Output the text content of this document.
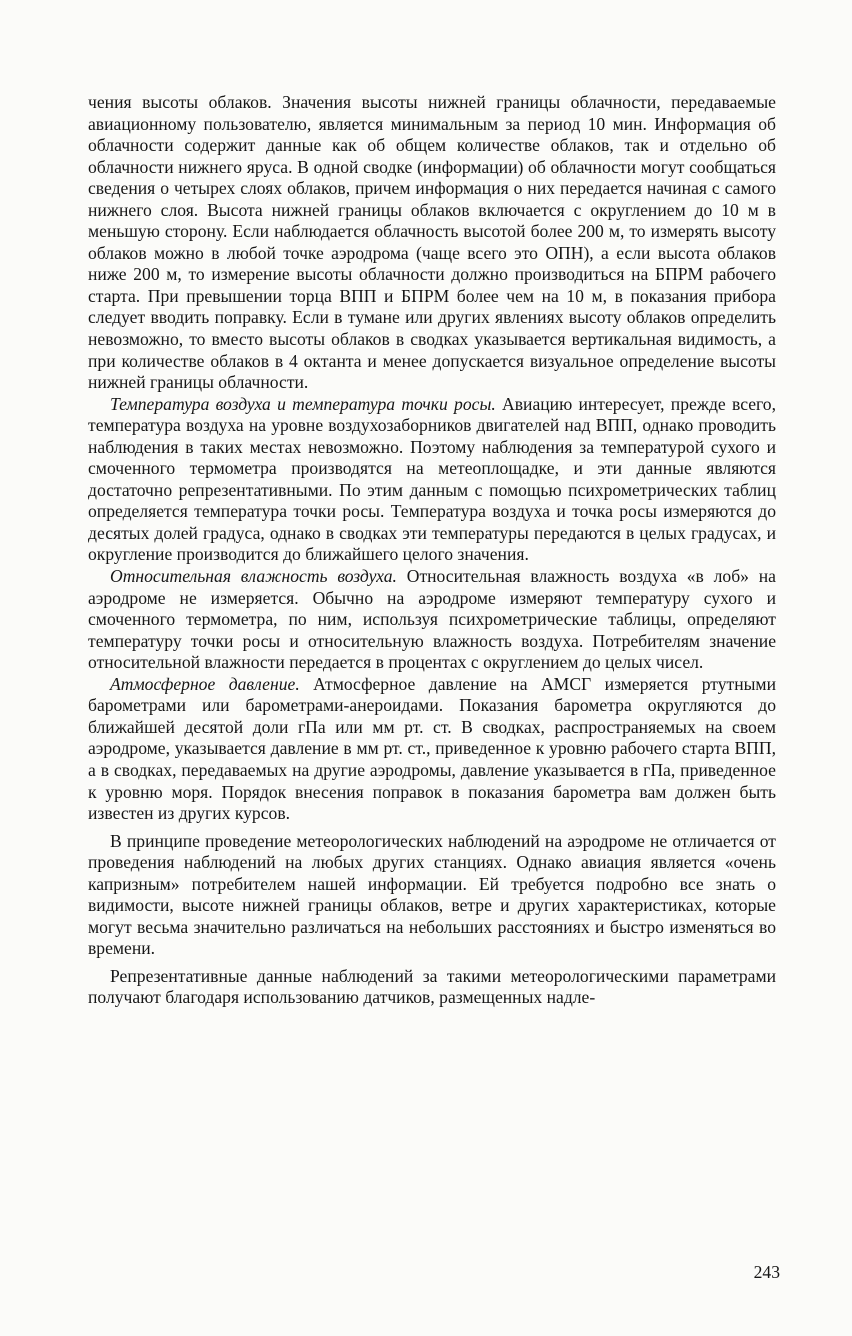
чения высоты облаков. Значения высоты нижней границы облачности, передаваемые авиационному пользователю, является минимальным за период 10 мин. Информация об облачности содержит данные как об общем количестве облаков, так и отдельно об облачности нижнего яруса. В одной сводке (информации) об облачности могут сообщаться сведения о четырех слоях облаков, причем информация о них передается начиная с самого нижнего слоя. Высота нижней границы облаков включается с округлением до 10 м в меньшую сторону. Если наблюдается облачность высотой более 200 м, то измерять высоту облаков можно в любой точке аэродрома (чаще всего это ОПН), а если высота облаков ниже 200 м, то измерение высоты облачности должно производиться на БПРМ рабочего старта. При превышении торца ВПП и БПРМ более чем на 10 м, в показания прибора следует вводить поправку. Если в тумане или других явлениях высоту облаков определить невозможно, то вместо высоты облаков в сводках указывается вертикальная видимость, а при количестве облаков в 4 октанта и менее допускается визуальное определение высоты нижней границы облачности.

Температура воздуха и температура точки росы. Авиацию интересует, прежде всего, температура воздуха на уровне воздухозаборников двигателей над ВПП, однако проводить наблюдения в таких местах невозможно. Поэтому наблюдения за температурой сухого и смоченного термометра производятся на метеоплощадке, и эти данные являются достаточно репрезентативными. По этим данным с помощью психрометрических таблиц определяется температура точки росы. Температура воздуха и точка росы измеряются до десятых долей градуса, однако в сводках эти температуры передаются в целых градусах, и округление производится до ближайшего целого значения.

Относительная влажность воздуха. Относительная влажность воздуха «в лоб» на аэродроме не измеряется. Обычно на аэродроме измеряют температуру сухого и смоченного термометра, по ним, используя психрометрические таблицы, определяют температуру точки росы и относительную влажность воздуха. Потребителям значение относительной влажности передается в процентах с округлением до целых чисел.

Атмосферное давление. Атмосферное давление на АМСГ измеряется ртутными барометрами или барометрами-анероидами. Показания барометра округляются до ближайшей десятой доли гПа или мм рт. ст. В сводках, распространяемых на своем аэродроме, указывается давление в мм рт. ст., приведенное к уровню рабочего старта ВПП, а в сводках, передаваемых на другие аэродромы, давление указывается в гПа, приведенное к уровню моря. Порядок внесения поправок в показания барометра вам должен быть известен из других курсов.

В принципе проведение метеорологических наблюдений на аэродроме не отличается от проведения наблюдений на любых других станциях. Однако авиация является «очень капризным» потребителем нашей информации. Ей требуется подробно все знать о видимости, высоте нижней границы облаков, ветре и других характеристиках, которые могут весьма значительно различаться на небольших расстояниях и быстро изменяться во времени.

Репрезентативные данные наблюдений за такими метеорологическими параметрами получают благодаря использованию датчиков, размещенных надле-

243
